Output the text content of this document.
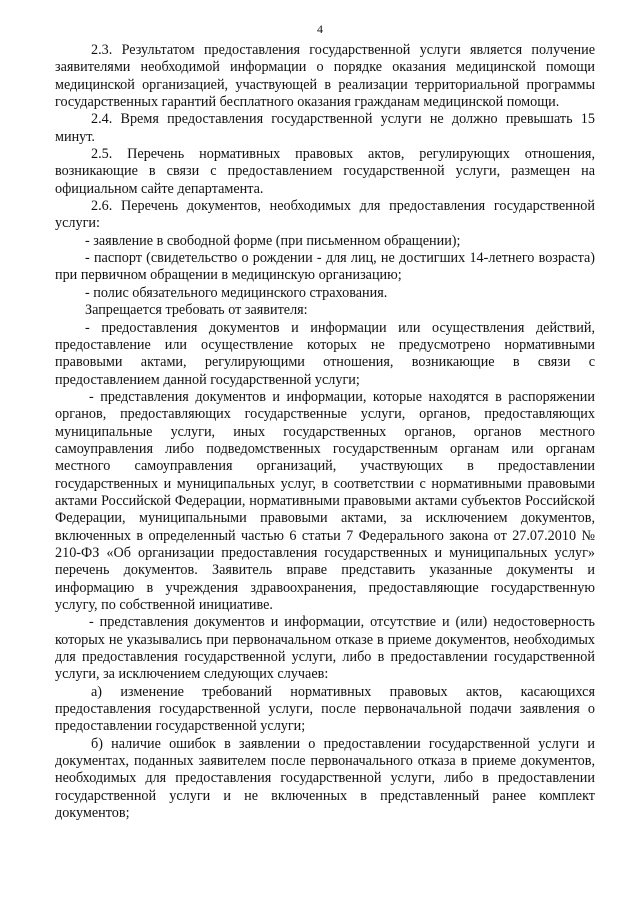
4

2.3. Результатом предоставления государственной услуги является получение заявителями необходимой информации о порядке оказания медицинской помощи медицинской организацией, участвующей в реализации территориальной программы государственных гарантий бесплатного оказания гражданам медицинской помощи.

2.4. Время предоставления государственной услуги не должно превышать 15 минут.

2.5. Перечень нормативных правовых актов, регулирующих отношения, возникающие в связи с предоставлением государственной услуги, размещен на официальном сайте департамента.

2.6. Перечень документов, необходимых для предоставления государственной услуги:

- заявление в свободной форме (при письменном обращении);

- паспорт (свидетельство о рождении - для лиц, не достигших 14-летнего возраста) при первичном обращении в медицинскую организацию;

- полис обязательного медицинского страхования.

Запрещается требовать от заявителя:

- предоставления документов и информации или осуществления действий, предоставление или осуществление которых не предусмотрено нормативными правовыми актами, регулирующими отношения, возникающие в связи с предоставлением данной государственной услуги;

- представления документов и информации, которые находятся в распоряжении органов, предоставляющих государственные услуги, органов, предоставляющих муниципальные услуги, иных государственных органов, органов местного самоуправления либо подведомственных государственным органам или органам местного самоуправления организаций, участвующих в предоставлении государственных и муниципальных услуг, в соответствии с нормативными правовыми актами Российской Федерации, нормативными правовыми актами субъектов Российской Федерации, муниципальными правовыми актами, за исключением документов, включенных в определенный частью 6 статьи 7 Федерального закона от 27.07.2010 № 210-ФЗ «Об организации предоставления государственных и муниципальных услуг» перечень документов. Заявитель вправе представить указанные документы и информацию в учреждения здравоохранения, предоставляющие государственную услугу, по собственной инициативе.

- представления документов и информации, отсутствие и (или) недостоверность которых не указывались при первоначальном отказе в приеме документов, необходимых для предоставления государственной услуги, либо в предоставлении государственной услуги, за исключением следующих случаев:

а) изменение требований нормативных правовых актов, касающихся предоставления государственной услуги, после первоначальной подачи заявления о предоставлении государственной услуги;

б) наличие ошибок в заявлении о предоставлении государственной услуги и документах, поданных заявителем после первоначального отказа в приеме документов, необходимых для предоставления государственной услуги, либо в предоставлении государственной услуги и не включенных в представленный ранее комплект документов;
